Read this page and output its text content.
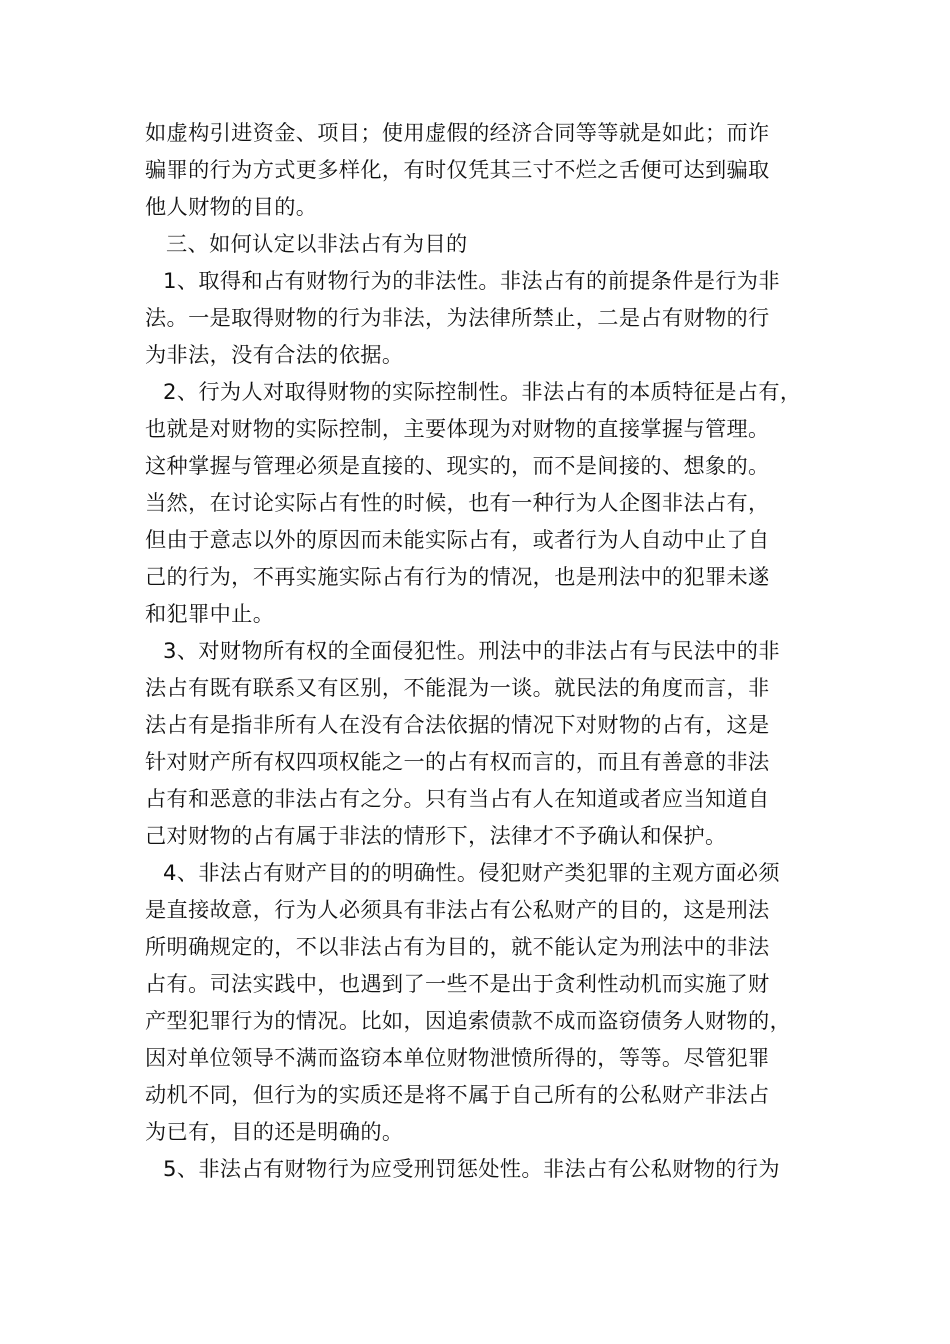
如虚构引进资金、项目；使用虚假的经济合同等等就是如此；而诈
骗罪的行为方式更多样化，有时仅凭其三寸不烂之舌便可达到骗取
他人财物的目的。
三、如何认定以非法占有为目的
1、取得和占有财物行为的非法性。非法占有的前提条件是行为非
法。一是取得财物的行为非法，为法律所禁止，二是占有财物的行
为非法，没有合法的依据。
2、行为人对取得财物的实际控制性。非法占有的本质特征是占有，
也就是对财物的实际控制，主要体现为对财物的直接掌握与管理。
这种掌握与管理必须是直接的、现实的，而不是间接的、想象的。
当然，在讨论实际占有性的时候，也有一种行为人企图非法占有，
但由于意志以外的原因而未能实际占有，或者行为人自动中止了自
己的行为，不再实施实际占有行为的情况，也是刑法中的犯罪未遂
和犯罪中止。
3、对财物所有权的全面侵犯性。刑法中的非法占有与民法中的非
法占有既有联系又有区别，不能混为一谈。就民法的角度而言，非
法占有是指非所有人在没有合法依据的情况下对财物的占有，这是
针对财产所有权四项权能之一的占有权而言的，而且有善意的非法
占有和恶意的非法占有之分。只有当占有人在知道或者应当知道自
己对财物的占有属于非法的情形下，法律才不予确认和保护。
4、非法占有财产目的的明确性。侵犯财产类犯罪的主观方面必须
是直接故意，行为人必须具有非法占有公私财产的目的，这是刑法
所明确规定的，不以非法占有为目的，就不能认定为刑法中的非法
占有。司法实践中，也遇到了一些不是出于贪利性动机而实施了财
产型犯罪行为的情况。比如，因追索债款不成而盗窃债务人财物的，
因对单位领导不满而盗窃本单位财物泄愤所得的，等等。尽管犯罪
动机不同，但行为的实质还是将不属于自己所有的公私财产非法占
为已有，目的还是明确的。
5、非法占有财物行为应受刑罚惩处性。非法占有公私财物的行为
